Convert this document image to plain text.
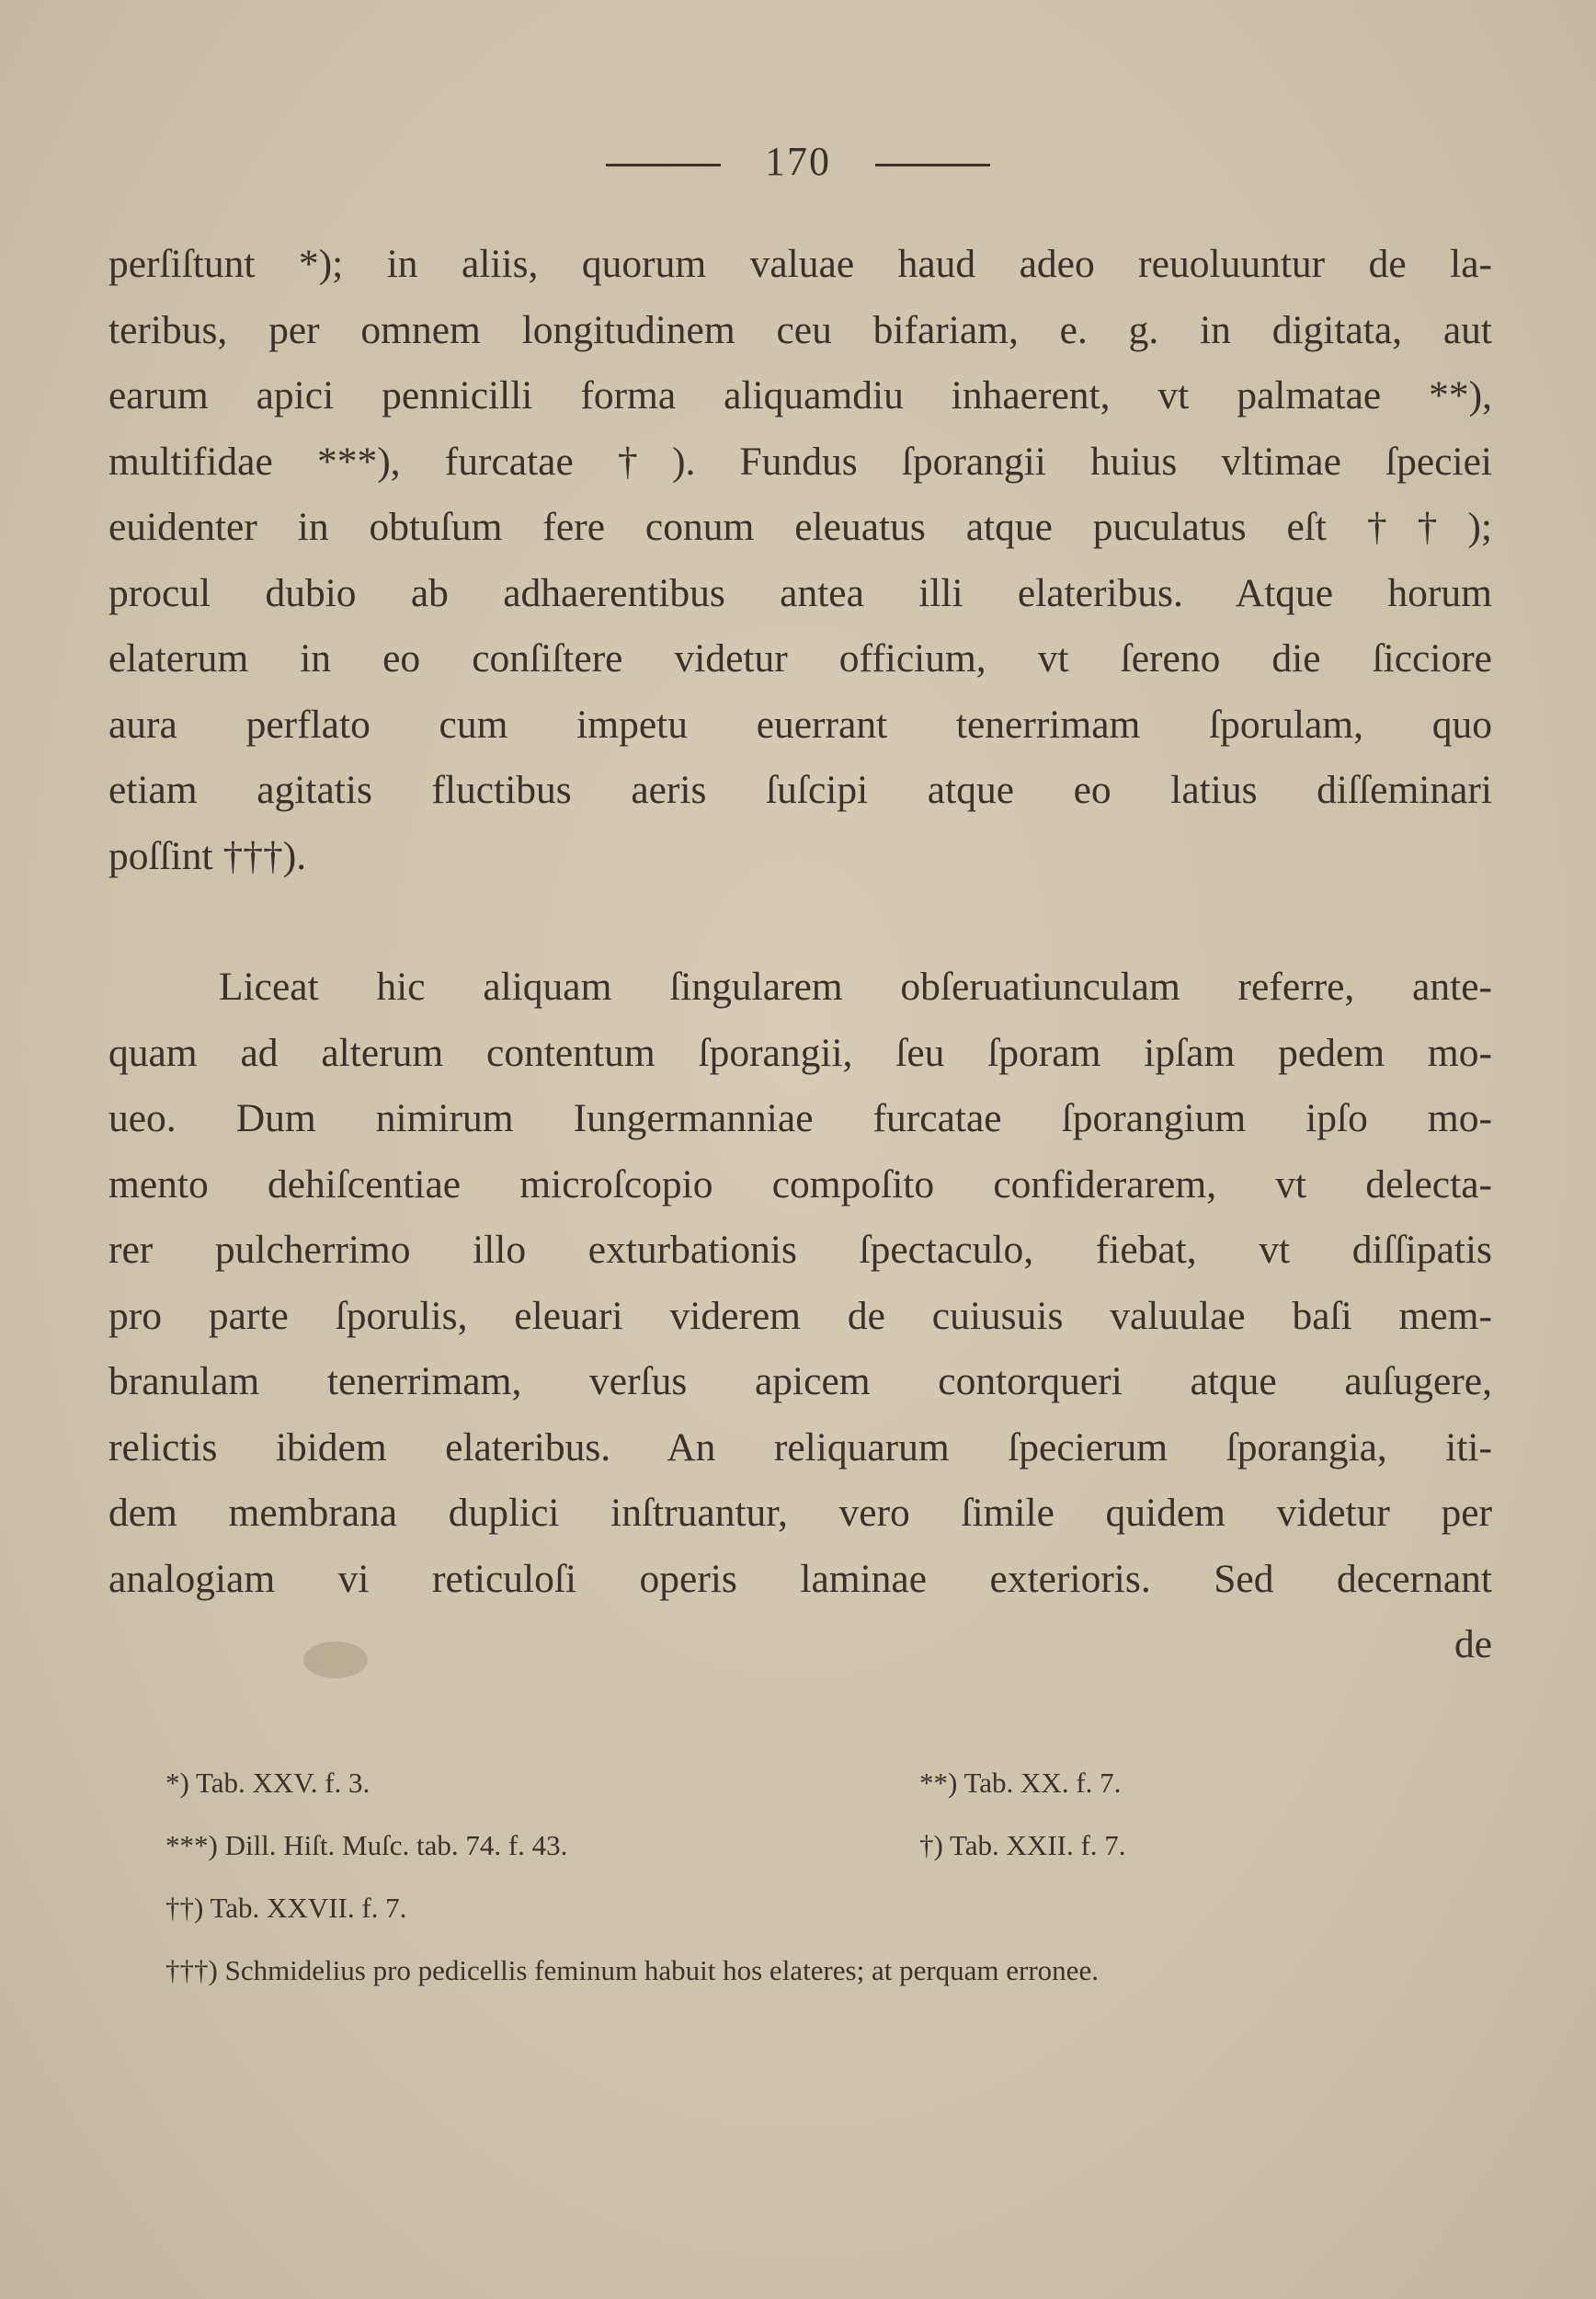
170
perſiſtunt *); in aliis, quorum valuae haud adeo reuoluuntur de la-
teribus, per omnem longitudinem ceu bifariam, e. g. in digitata, aut
earum apici pennicilli forma aliquamdiu inhaerent, vt palmatae **),
multifidae ***), furcatae †). Fundus ſporangii huius vltimae ſpeciei
euidenter in obtuſum fere conum eleuatus atque puculatus eſt ††);
procul dubio ab adhaerentibus antea illi elateribus. Atque horum
elaterum in eo conſiſtere videtur officium, vt ſereno die ſicciore
aura perflato cum impetu euerrant tenerrimam ſporulam, quo
etiam agitatis fluctibus aeris ſuſcipi atque eo latius diſſeminari
poſſint †††).
Liceat hic aliquam ſingularem obſeruatiunculam referre, ante-
quam ad alterum contentum ſporangii, ſeu ſporam ipſam pedem mo-
ueo. Dum nimirum Iungermanniae furcatae ſporangium ipſo mo-
mento dehiſcentiae microſcopio compoſito confiderarem, vt delecta-
rer pulcherrimo illo exturbationis ſpectaculo, fiebat, vt diſſipatis
pro parte ſporulis, eleuari viderem de cuiusuis valuulae baſi mem-
branulam tenerrimam, verſus apicem contorqueri atque auſugere,
relictis ibidem elateribus. An reliquarum ſpecierum ſporangia, iti-
dem membrana duplici inſtruantur, vero ſimile quidem videtur per
analogiam vi reticuloſi operis laminae exterioris. Sed decernant
de
*) Tab. XXV. f. 3.	**) Tab. XX. f. 7.
***) Dill. Hiſt. Muſc. tab. 74. f. 43.	†) Tab. XXII. f. 7.
††) Tab. XXVII. f. 7.
†††) Schmidelius pro pedicellis feminum habuit hos elateres; at perquam erronee.
